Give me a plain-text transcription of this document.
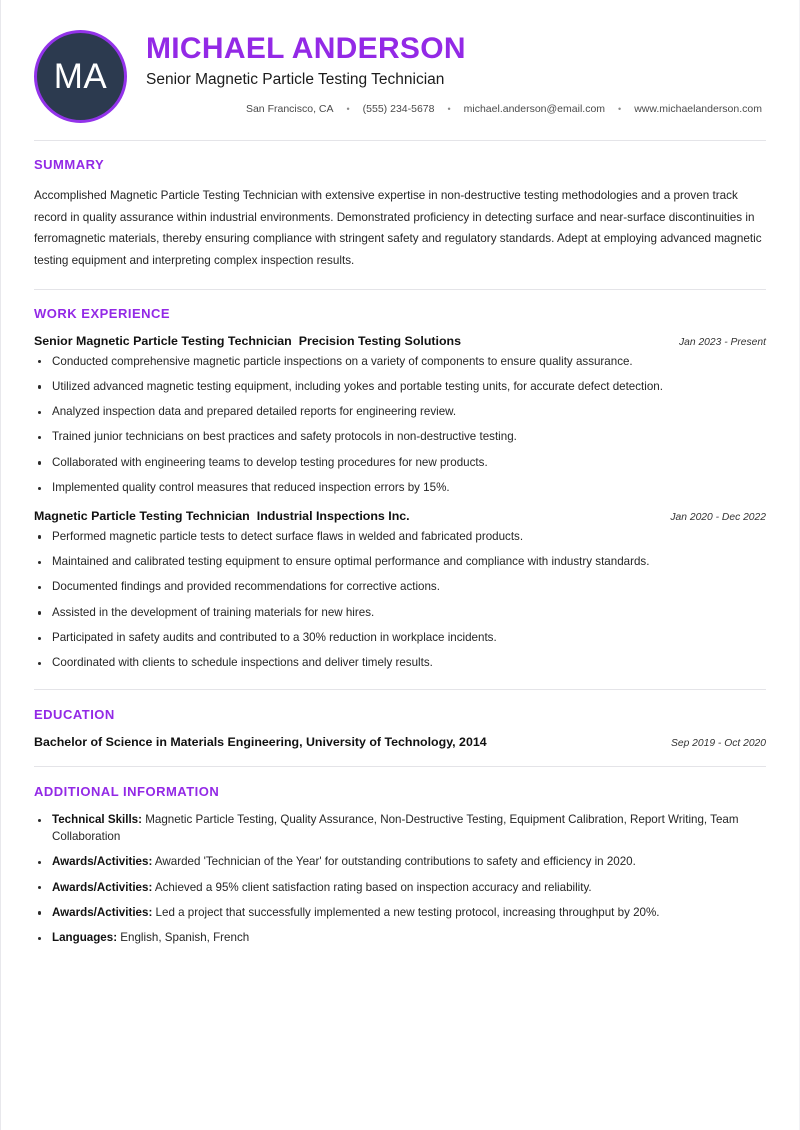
MA
MICHAEL ANDERSON
Senior Magnetic Particle Testing Technician
San Francisco, CA	•	(555) 234-5678	•	michael.anderson@email.com	•	www.michaelanderson.com
SUMMARY

Accomplished Magnetic Particle Testing Technician with extensive expertise in non-destructive testing methodologies and a proven track record in quality assurance within industrial environments. Demonstrated proficiency in detecting surface and near-surface discontinuities in ferromagnetic materials, thereby ensuring compliance with stringent safety and regulatory standards. Adept at employing advanced magnetic testing equipment and interpreting complex inspection results.

WORK EXPERIENCE
Senior Magnetic Particle Testing Technician Precision Testing Solutions	Jan 2023 - Present
Conducted comprehensive magnetic particle inspections on a variety of components to ensure quality assurance.
Utilized advanced magnetic testing equipment, including yokes and portable testing units, for accurate defect detection.
Analyzed inspection data and prepared detailed reports for engineering review.
Trained junior technicians on best practices and safety protocols in non-destructive testing.
Collaborated with engineering teams to develop testing procedures for new products.
Implemented quality control measures that reduced inspection errors by 15%.
Magnetic Particle Testing Technician Industrial Inspections Inc.	Jan 2020 - Dec 2022
Performed magnetic particle tests to detect surface flaws in welded and fabricated products.
Maintained and calibrated testing equipment to ensure optimal performance and compliance with industry standards.
Documented findings and provided recommendations for corrective actions.
Assisted in the development of training materials for new hires.
Participated in safety audits and contributed to a 30% reduction in workplace incidents.
Coordinated with clients to schedule inspections and deliver timely results.
EDUCATION
Bachelor of Science in Materials Engineering, University of Technology, 2014	Sep 2019 - Oct 2020
ADDITIONAL INFORMATION
Technical Skills: Magnetic Particle Testing, Quality Assurance, Non-Destructive Testing, Equipment Calibration, Report Writing, Team Collaboration
Awards/Activities: Awarded 'Technician of the Year' for outstanding contributions to safety and efficiency in 2020.
Awards/Activities: Achieved a 95% client satisfaction rating based on inspection accuracy and reliability.
Awards/Activities: Led a project that successfully implemented a new testing protocol, increasing throughput by 20%.
Languages: English, Spanish, French
